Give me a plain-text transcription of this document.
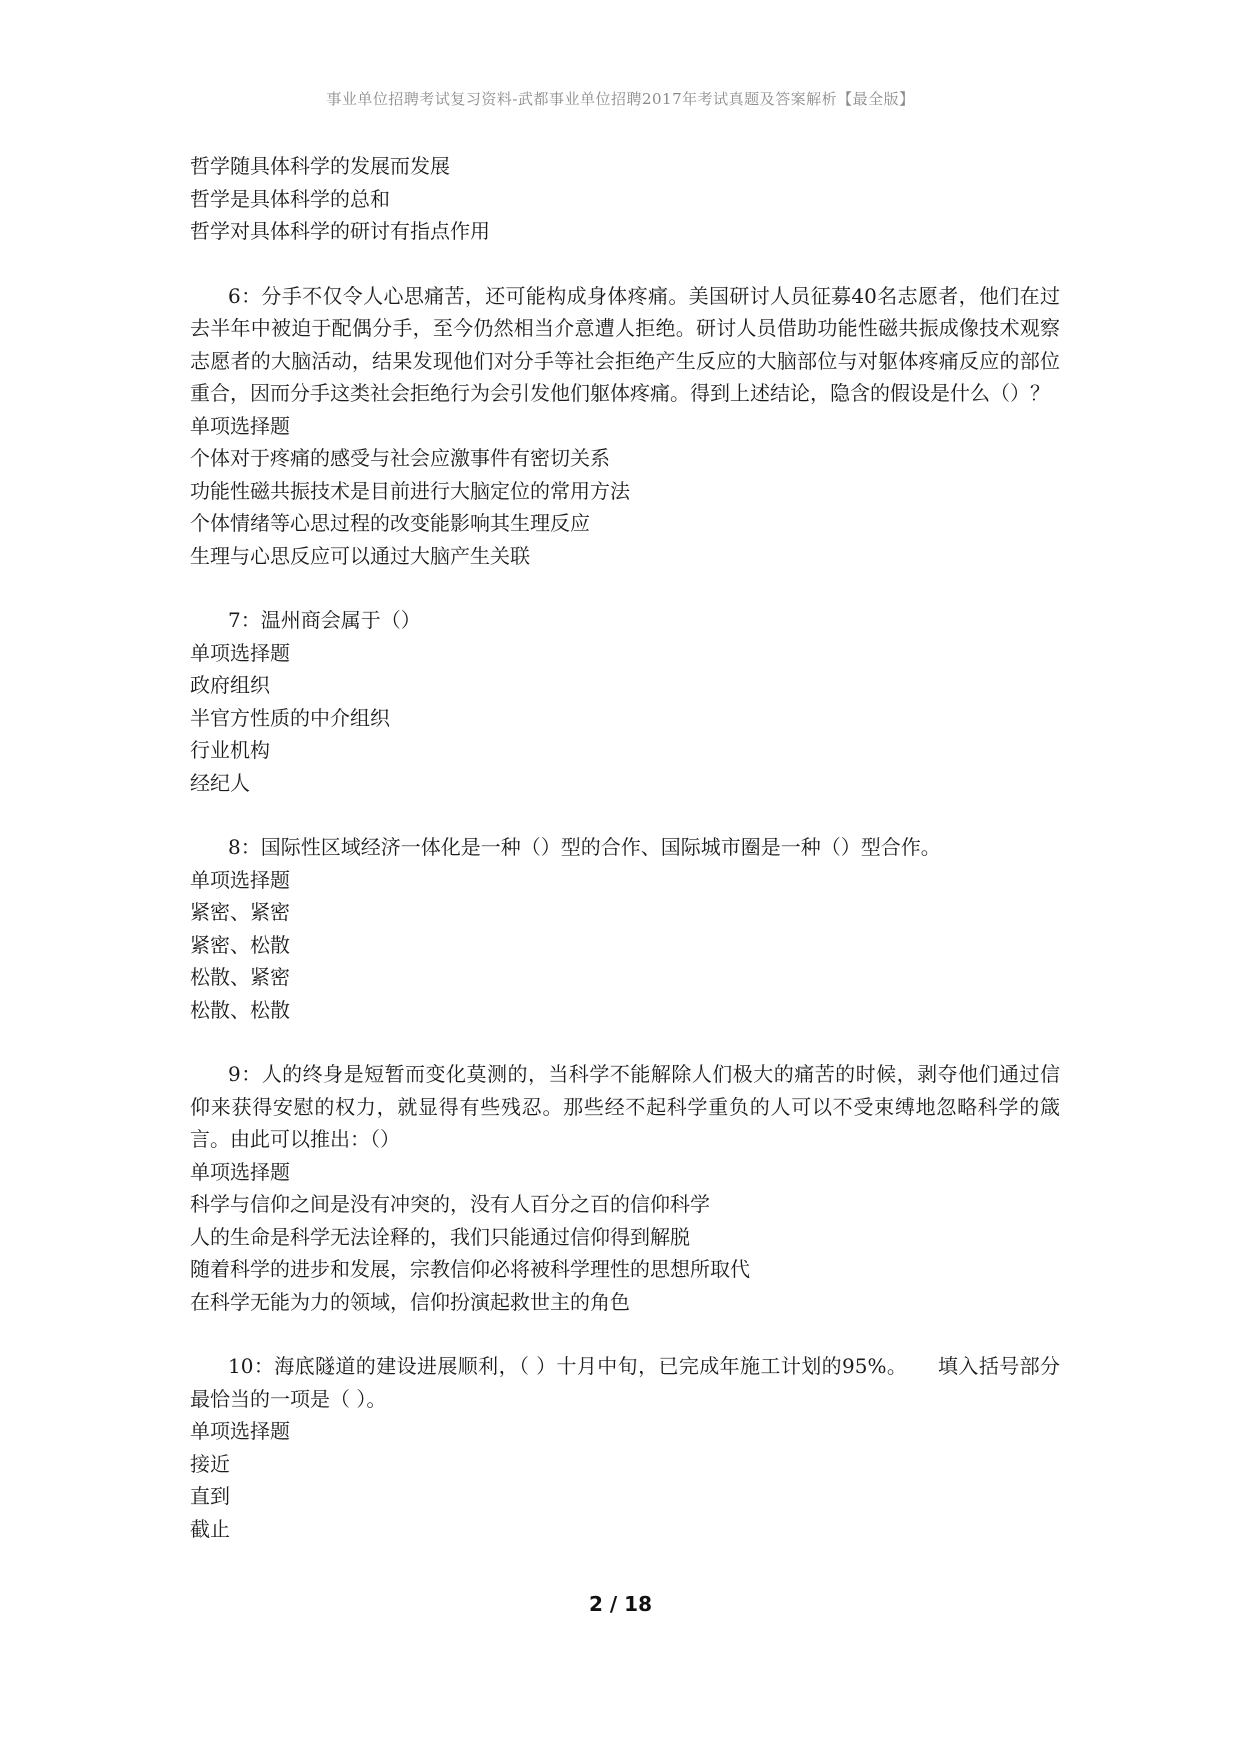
事业单位招聘考试复习资料-武都事业单位招聘2017年考试真题及答案解析【最全版】
哲学随具体科学的发展而发展
哲学是具体科学的总和
哲学对具体科学的研讨有指点作用
6：分手不仅令人心思痛苦，还可能构成身体疼痛。美国研讨人员征募40名志愿者，他们在过去半年中被迫于配偶分手，至今仍然相当介意遭人拒绝。研讨人员借助功能性磁共振成像技术观察志愿者的大脑活动，结果发现他们对分手等社会拒绝产生反应的大脑部位与对躯体疼痛反应的部位重合，因而分手这类社会拒绝行为会引发他们躯体疼痛。得到上述结论，隐含的假设是什么（）？
单项选择题
个体对于疼痛的感受与社会应激事件有密切关系
功能性磁共振技术是目前进行大脑定位的常用方法
个体情绪等心思过程的改变能影响其生理反应
生理与心思反应可以通过大脑产生关联
7：温州商会属于（）
单项选择题
政府组织
半官方性质的中介组织
行业机构
经纪人
8：国际性区域经济一体化是一种（）型的合作、国际城市圈是一种（）型合作。
单项选择题
紧密、紧密
紧密、松散
松散、紧密
松散、松散
9：人的终身是短暂而变化莫测的，当科学不能解除人们极大的痛苦的时候，剥夺他们通过信仰来获得安慰的权力，就显得有些残忍。那些经不起科学重负的人可以不受束缚地忽略科学的箴言。由此可以推出：（）
单项选择题
科学与信仰之间是没有冲突的，没有人百分之百的信仰科学
人的生命是科学无法诠释的，我们只能通过信仰得到解脱
随着科学的进步和发展，宗教信仰必将被科学理性的思想所取代
在科学无能为力的领域，信仰扮演起救世主的角色
10：海底隧道的建设进展顺利，（ ）十月中旬，已完成年施工计划的95%。　　填入括号部分最恰当的一项是（ ）。
单项选择题
接近
直到
截止
2 / 18
